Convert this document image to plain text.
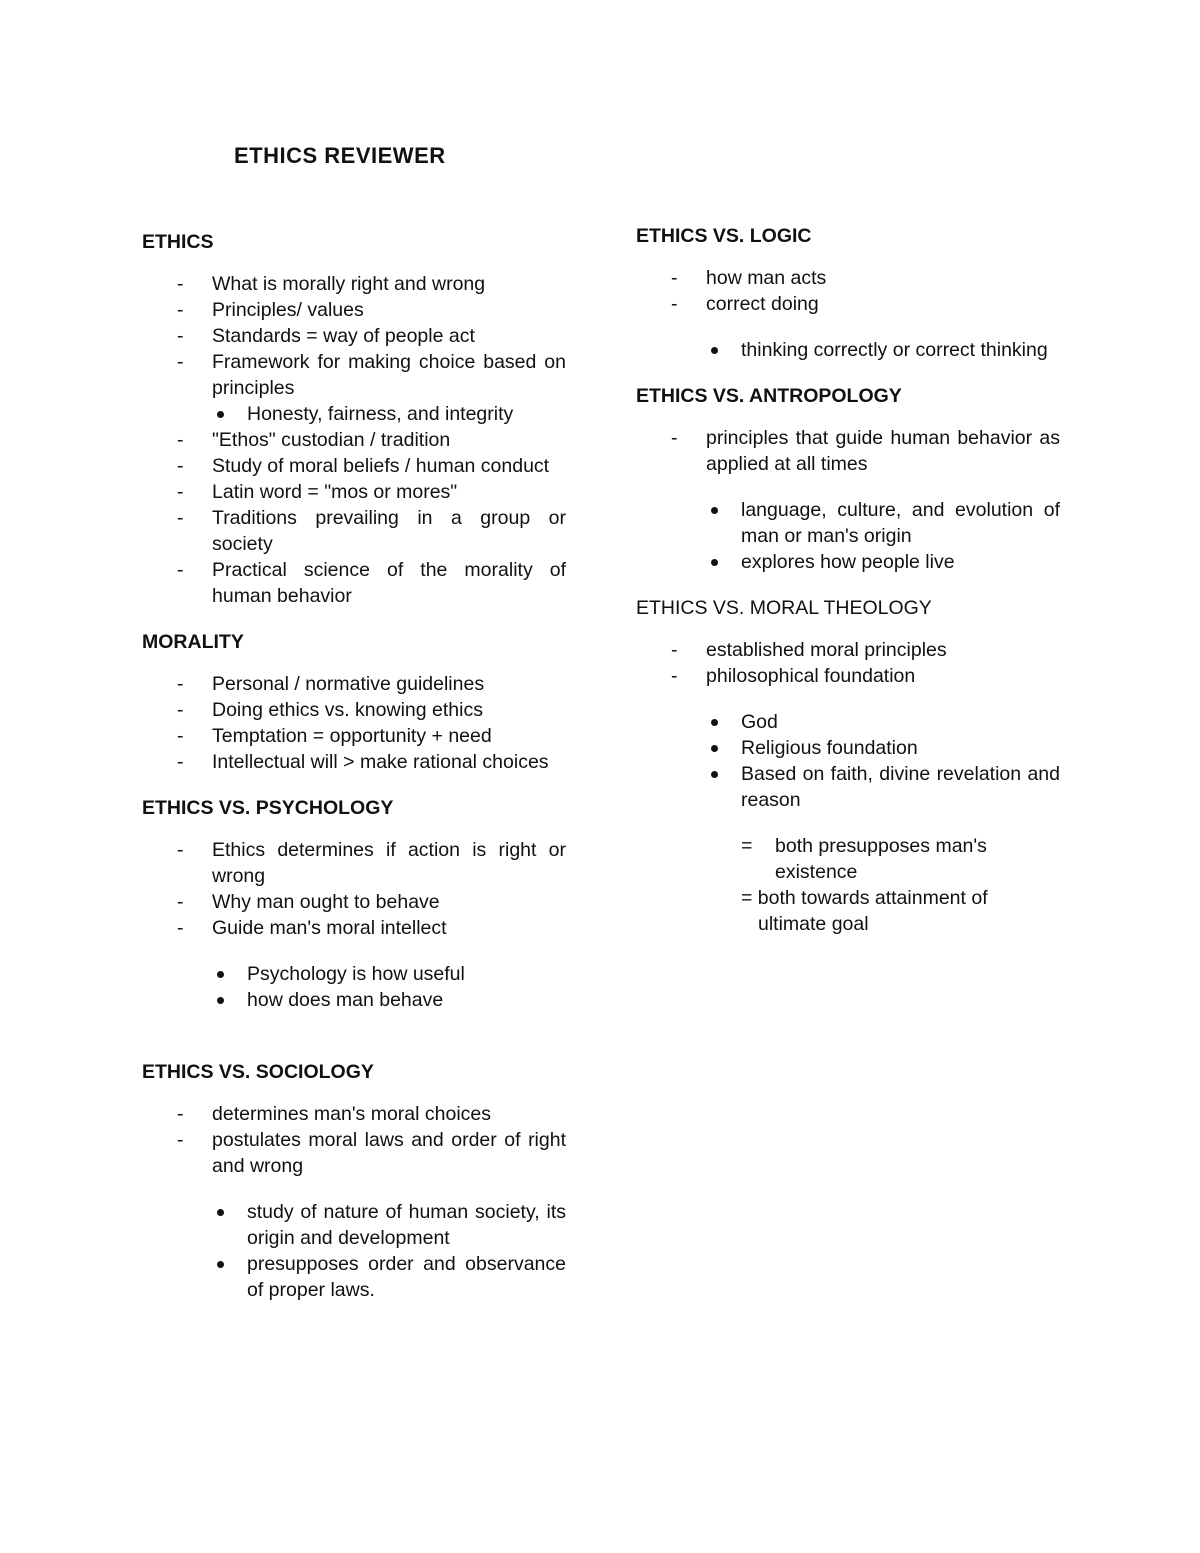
ETHICS REVIEWER
ETHICS
- What is morally right and wrong
- Principles/ values
- Standards = way of people act
- Framework for making choice based on principles
Honesty, fairness, and integrity
- "Ethos" custodian / tradition
- Study of moral beliefs / human conduct
- Latin word = "mos or mores"
- Traditions prevailing in a group or society
- Practical science of the morality of human behavior
MORALITY
- Personal / normative guidelines
- Doing ethics vs. knowing ethics
- Temptation = opportunity + need
- Intellectual will > make rational choices
ETHICS VS. PSYCHOLOGY
- Ethics determines if action is right or wrong
- Why man ought to behave
- Guide man's moral intellect
Psychology is how useful
how does man behave
ETHICS VS. SOCIOLOGY
- determines man's moral choices
- postulates moral laws and order of right and wrong
study of nature of human society, its origin and development
presupposes order and observance of proper laws.
ETHICS VS. LOGIC
- how man acts
- correct doing
thinking correctly or correct thinking
ETHICS VS. ANTROPOLOGY
- principles that guide human behavior as applied at all times
language, culture, and evolution of man or man's origin
explores how people live
ETHICS VS. MORAL THEOLOGY
- established moral principles
- philosophical foundation
God
Religious foundation
Based on faith, divine revelation and reason
= both presupposes man's existence
= both towards attainment of
ultimate goal
